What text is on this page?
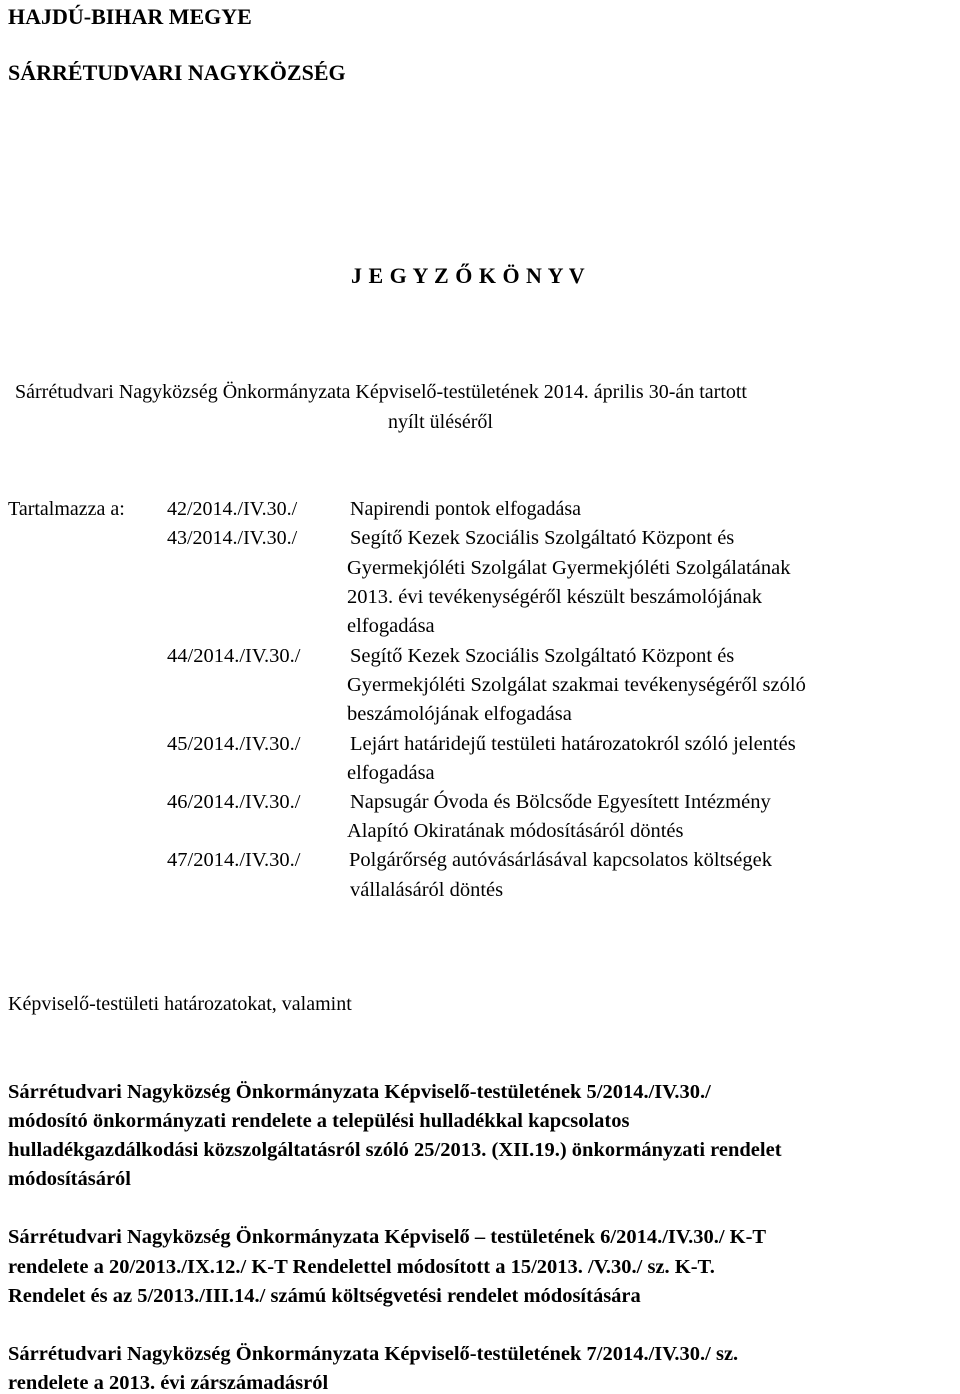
HAJDÚ-BIHAR MEGYE
SÁRRÉTUDVARI NAGYKÖZSÉG
J E G Y Z Ő K Ö N Y V
Sárrétudvari Nagyközség Önkormányzata Képviselő-testületének 2014. április 30-án tartott
nyílt üléséről
Tartalmazza a: 42/2014./IV.30./	Napirendi pontok elfogadása
43/2014./IV.30./	Segítő Kezek Szociális Szolgáltató Központ és
Gyermekjóléti Szolgálat Gyermekjóléti Szolgálatának
2013. évi tevékenységéről készült beszámolójának
elfogadása
44/2014./IV.30./ Segítő Kezek Szociális Szolgáltató Központ és
Gyermekjóléti Szolgálat szakmai tevékenységéről szóló
beszámolójának elfogadása
45/2014./IV.30./ Lejárt határidejű testületi határozatokról szóló jelentés
elfogadása
46/2014./IV.30./ Napsugár Óvoda és Bölcsőde Egyesített Intézmény
Alapító Okiratának módosításáról döntés
47/2014./IV.30./ Polgárőrség autóvásárlásával kapcsolatos költségek
vállalásáról döntés
Képviselő-testületi határozatokat, valamint
Sárrétudvari Nagyközség Önkormányzata Képviselő-testületének 5/2014./IV.30./
módosító önkormányzati rendelete a települési hulladékkal kapcsolatos
hulladékgazdálkodási közszolgáltatásról szóló 25/2013. (XII.19.) önkormányzati rendelet
módosításáról
Sárrétudvari Nagyközség Önkormányzata Képviselő – testületének 6/2014./IV.30./ K-T
rendelete a 20/2013./IX.12./ K-T Rendelettel módosított a 15/2013. /V.30./ sz. K-T.
Rendelet és az 5/2013./III.14./ számú költségvetési rendelet módosítására
Sárrétudvari Nagyközség Önkormányzata Képviselő-testületének 7/2014./IV.30./ sz.
rendelete a 2013. évi zárszámadásról
